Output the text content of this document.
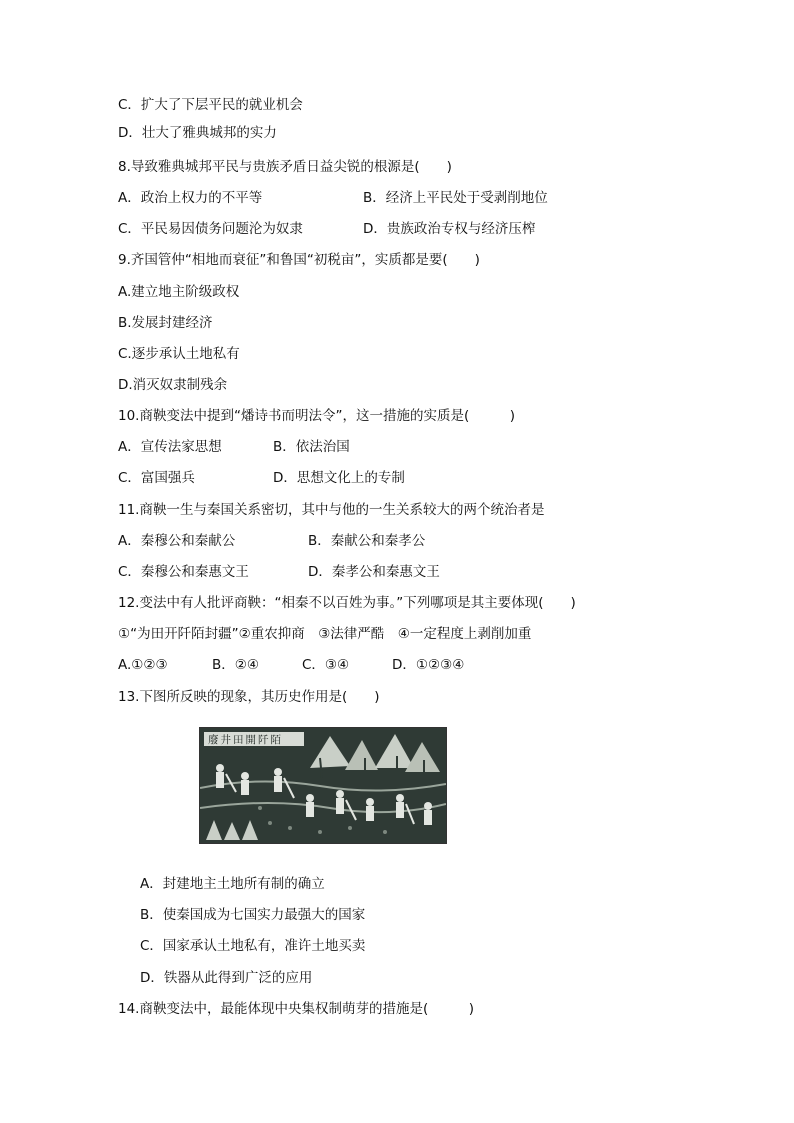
C．扩大了下层平民的就业机会
D．壮大了雅典城邦的实力
8.导致雅典城邦平民与贵族矛盾日益尖锐的根源是(　　)
A．政治上权力的不平等	B．经济上平民处于受剥削地位
C．平民易因债务问题沦为奴隶	D．贵族政治专权与经济压榨
9.齐国管仲“相地而衰征”和鲁国“初税亩”，实质都是要(　　)
A.建立地主阶级政权
B.发展封建经济
C.逐步承认土地私有
D.消灭奴隶制残余
10.商鞅变法中提到“燔诗书而明法令”，这一措施的实质是(　　　)
A．宣传法家思想	B．依法治国
C．富国强兵	D．思想文化上的专制
11.商鞅一生与秦国关系密切，其中与他的一生关系较大的两个统治者是
A．秦穆公和秦献公	B．秦献公和秦孝公
C．秦穆公和秦惠文王	D．秦孝公和秦惠文王
12.变法中有人批评商鞅：“相秦不以百姓为事。”下列哪项是其主要体现(　　)
①“为田开阡陌封疆”②重农抑商　③法律严酷　④一定程度上剥削加重
A.①②③	B．②④	C．③④	D．①②③④
13.下图所反映的现象，其历史作用是(　　)
廢井田開阡陌
A．封建地主土地所有制的确立
B．使秦国成为七国实力最强大的国家
C．国家承认土地私有，准许土地买卖
D．铁器从此得到广泛的应用
14.商鞅变法中，最能体现中央集权制萌芽的措施是(　　　)
